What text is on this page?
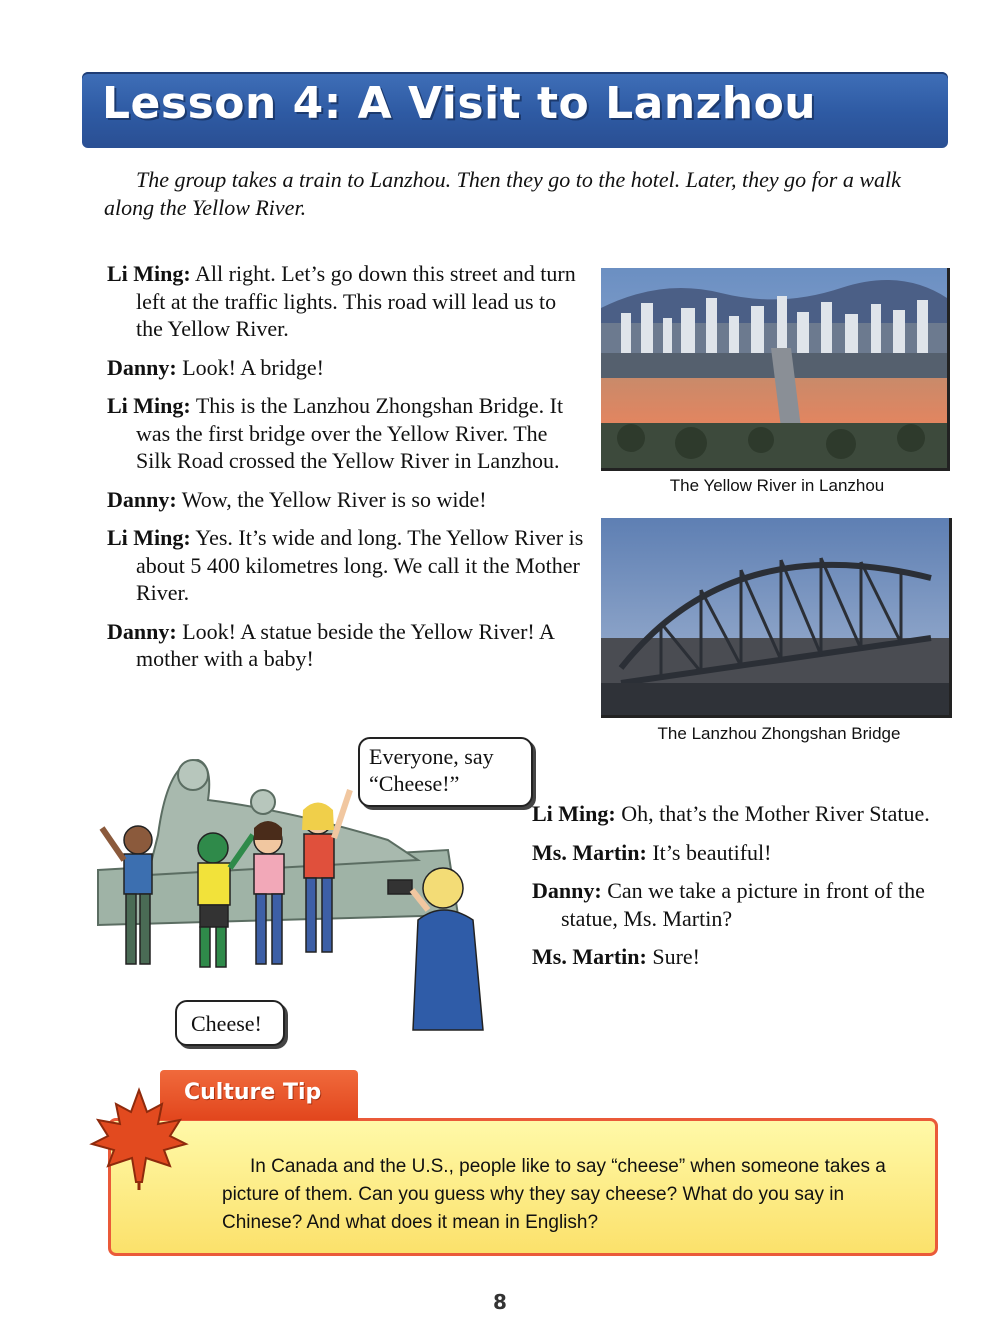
Lesson 4: A Visit to Lanzhou
The group takes a train to Lanzhou. Then they go to the hotel. Later, they go for a walk along the Yellow River.

Li Ming: All right. Let’s go down this street and turn left at the traffic lights. This road will lead us to the Yellow River.

Danny: Look! A bridge!

Li Ming: This is the Lanzhou Zhongshan Bridge. It was the first bridge over the Yellow River. The Silk Road crossed the Yellow River in Lanzhou.

Danny: Wow, the Yellow River is so wide!

Li Ming: Yes. It’s wide and long. The Yellow River is about 5 400 kilometres long. We call it the Mother River.

Danny: Look! A statue beside the Yellow River! A mother with a baby!

The Yellow River in Lanzhou
The Lanzhou Zhongshan Bridge
Everyone, say
“Cheese!”
Cheese!

Li Ming: Oh, that’s the Mother River Statue.

Ms. Martin: It’s beautiful!

Danny: Can we take a picture in front of the statue, Ms. Martin?

Ms. Martin: Sure!

Culture Tip
In Canada and the U.S., people like to say “cheese” when someone takes a picture of them. Can you guess why they say cheese? What do you say in Chinese? And what does it mean in English?
8
